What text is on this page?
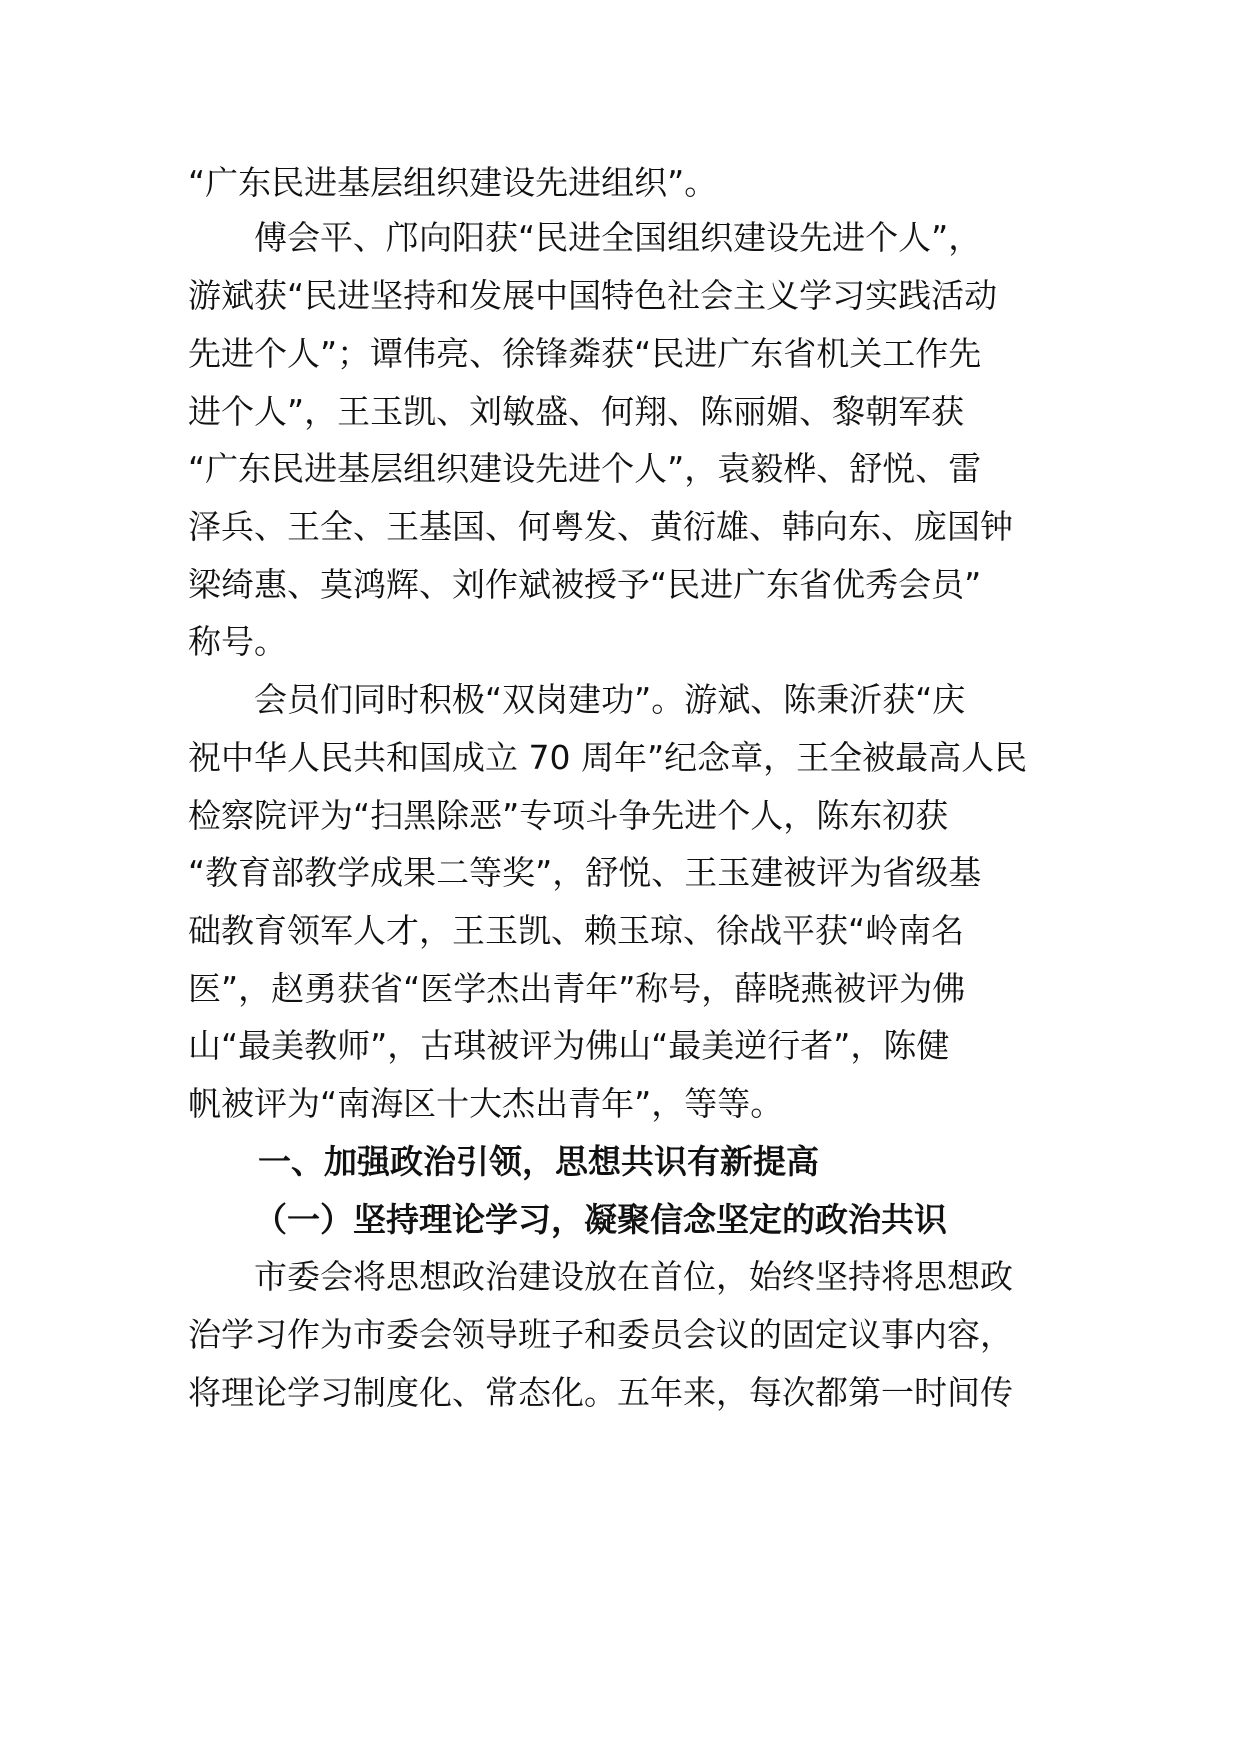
“广东民进基层组织建设先进组织”。
傅会平、邝向阳获“民进全国组织建设先进个人”，
游斌获“民进坚持和发展中国特色社会主义学习实践活动
先进个人”；谭伟亮、徐锋粦获“民进广东省机关工作先
进个人”，王玉凯、刘敏盛、何翔、陈丽媚、黎朝军获
“广东民进基层组织建设先进个人”，袁毅桦、舒悦、雷
泽兵、王全、王基国、何粤发、黄衍雄、韩向东、庞国钟
梁绮惠、莫鸿辉、刘作斌被授予“民进广东省优秀会员”
称号。
会员们同时积极“双岗建功”。游斌、陈秉沂获“庆
祝中华人民共和国成立 70 周年”纪念章，王全被最高人民
检察院评为“扫黑除恶”专项斗争先进个人，陈东初获
“教育部教学成果二等奖”，舒悦、王玉建被评为省级基
础教育领军人才，王玉凯、赖玉琼、徐战平获“岭南名
医”，赵勇获省“医学杰出青年”称号，薛晓燕被评为佛
山“最美教师”，古琪被评为佛山“最美逆行者”，陈健
帆被评为“南海区十大杰出青年”，等等。
一、加强政治引领，思想共识有新提高
（一）坚持理论学习，凝聚信念坚定的政治共识
市委会将思想政治建设放在首位，始终坚持将思想政
治学习作为市委会领导班子和委员会议的固定议事内容，
将理论学习制度化、常态化。五年来，每次都第一时间传
